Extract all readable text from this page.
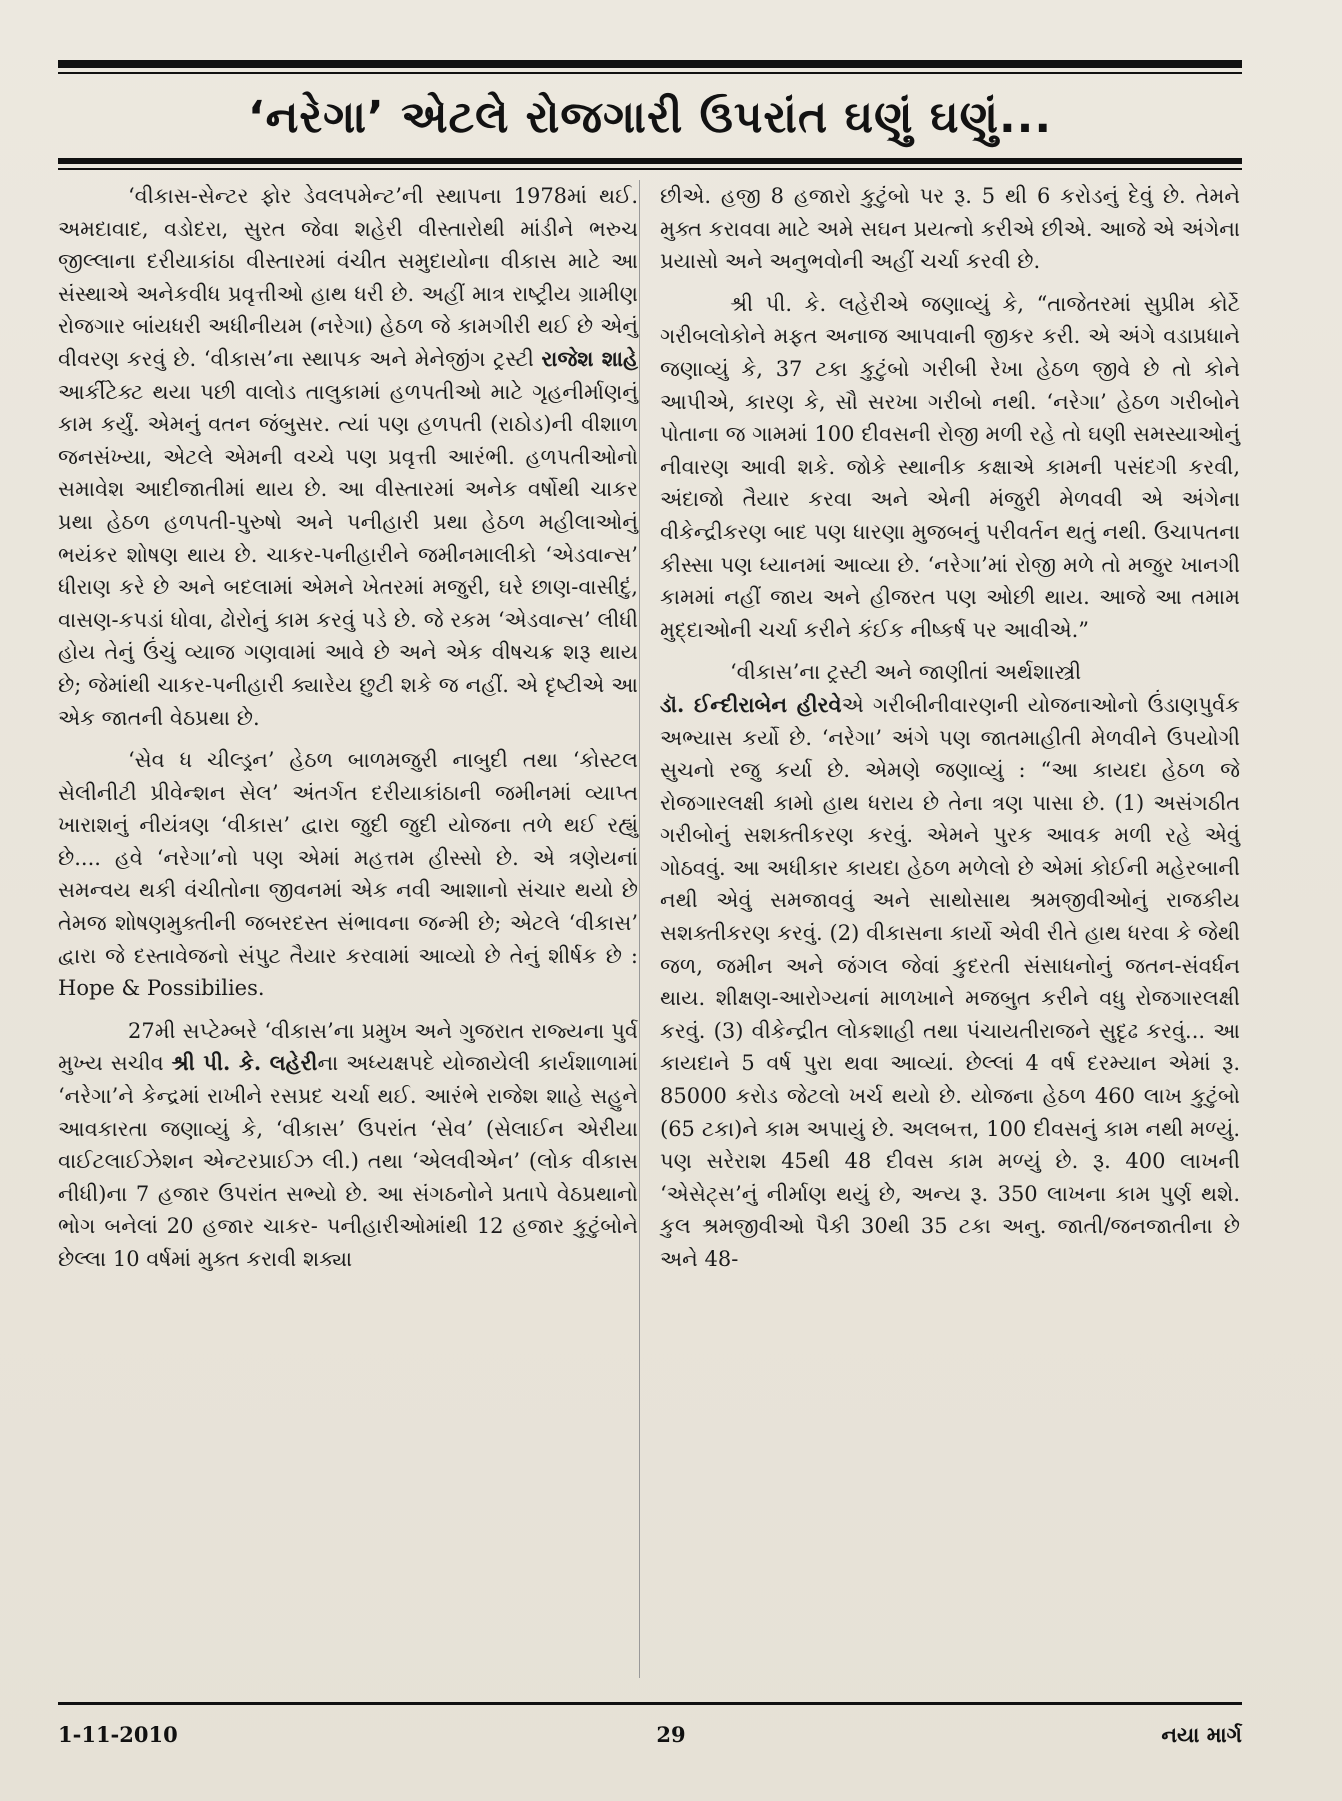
‘નરેગા’ એટલે રોજગારી ઉપરાંત ઘણું ઘણું...

‘વીકાસ-સેન્ટર ફોર ડેવલપમેન્ટ’ની સ્થાપના 1978માં થઈ. અમદાવાદ, વડોદરા, સુરત જેવા શહેરી વીસ્તારોથી માંડીને ભરુચ જીલ્લાના દરીયાકાંઠા વીસ્તારમાં વંચીત સમુદાયોના વીકાસ માટે આ સંસ્થાએ અનેકવીધ પ્રવૃત્તીઓ હાથ ધરી છે. અહીં માત્ર રાષ્ટ્રીય ગ્રામીણ રોજગાર બાંયધરી અધીનીયમ (નરેગા) હેઠળ જે કામગીરી થઈ છે એનું વીવરણ કરવું છે. ‘વીકાસ’ના સ્થાપક અને મેનેજીંગ ટ્રસ્ટી રાજેશ શાહે આર્કીટેક્ટ થયા પછી વાલોડ તાલુકામાં હળપતીઓ માટે ગૃહનીર્માણનું કામ કર્યું. એમનું વતન જંબુસર. ત્યાં પણ હળપતી (રાઠોડ)ની વીશાળ જનસંખ્યા, એટલે એમની વચ્ચે પણ પ્રવૃત્તી આરંભી. હળપતીઓનો સમાવેશ આદીજાતીમાં થાય છે. આ વીસ્તારમાં અનેક વર્ષોથી ચાકર પ્રથા હેઠળ હળપતી-પુરુષો અને પનીહારી પ્રથા હેઠળ મહીલાઓનું ભયંકર શોષણ થાય છે. ચાકર-પનીહારીને જમીનમાલીકો ‘એડવાન્સ’ ધીરાણ કરે છે અને બદલામાં એમને ખેતરમાં મજુરી, ઘરે છાણ-વાસીદું, વાસણ-કપડાં ધોવા, ઢોરોનું કામ કરવું પડે છે. જે રકમ ‘એડવાન્સ’ લીધી હોય તેનું ઉંચું વ્યાજ ગણવામાં આવે છે અને એક વીષચક્ર શરૂ થાય છે; જેમાંથી ચાકર-પનીહારી ક્યારેય છુટી શકે જ નહીં. એ દૃષ્ટીએ આ એક જાતની વેઠપ્રથા છે.

‘સેવ ધ ચીલ્ડ્રન’ હેઠળ બાળમજુરી નાબુદી તથા ‘કોસ્ટલ સેલીનીટી પ્રીવેન્શન સેલ’ અંતર્ગત દરીયાકાંઠાની જમીનમાં વ્યાપ્ત ખારાશનું નીયંત્રણ ‘વીકાસ’ દ્વારા જુદી જુદી યોજના તળે થઈ રહ્યું છે.... હવે ‘નરેગા’નો પણ એમાં મહત્તમ હીસ્સો છે. એ ત્રણેયનાં સમન્વય થકી વંચીતોના જીવનમાં એક નવી આશાનો સંચાર થયો છે તેમજ શોષણમુક્તીની જબરદસ્ત સંભાવના જન્મી છે; એટલે ‘વીકાસ’ દ્વારા જે દસ્તાવેજનો સંપુટ તૈયાર કરવામાં આવ્યો છે તેનું શીર્ષક છે : Hope & Possibilies.

27મી સપ્ટેમ્બરે ‘વીકાસ’ના પ્રમુખ અને ગુજરાત રાજ્યના પુર્વ મુખ્ય સચીવ શ્રી પી. કે. લહેરીના અધ્યક્ષપદે યોજાયેલી કાર્યશાળામાં ‘નરેગા’ને કેન્દ્રમાં રાખીને રસપ્રદ ચર્ચા થઈ. આરંભે રાજેશ શાહે સહુને આવકારતા જણાવ્યું કે, ‘વીકાસ’ ઉપરાંત ‘સેવ’ (સેલાઈન એરીયા વાઈટલાઈઝેશન એન્ટરપ્રાઈઝ લી.) તથા ‘એલવીએન’ (લોક વીકાસ નીધી)ના 7 હજાર ઉપરાંત સભ્યો છે. આ સંગઠનોને પ્રતાપે વેઠપ્રથાનો ભોગ બનેલાં 20 હજાર ચાકર- પનીહારીઓમાંથી 12 હજાર કુટુંબોને છેલ્લા 10 વર્ષમાં મુક્ત કરાવી શક્યા

છીએ. હજી 8 હજારો કુટુંબો પર રૂ. 5 થી 6 કરોડનું દેવું છે. તેમને મુક્ત કરાવવા માટે અમે સઘન પ્રયત્નો કરીએ છીએ. આજે એ અંગેના પ્રયાસો અને અનુભવોની અહીં ચર્ચા કરવી છે.

શ્રી પી. કે. લહેરીએ જણાવ્યું કે, “તાજેતરમાં સુપ્રીમ કોર્ટે ગરીબલોકોને મફત અનાજ આપવાની જીકર કરી. એ અંગે વડાપ્રધાને જણાવ્યું કે, 37 ટકા કુટુંબો ગરીબી રેખા હેઠળ જીવે છે તો કોને આપીએ, કારણ કે, સૌ સરખા ગરીબો નથી. ‘નરેગા’ હેઠળ ગરીબોને પોતાના જ ગામમાં 100 દીવસની રોજી મળી રહે તો ઘણી સમસ્યાઓનું નીવારણ આવી શકે. જોકે સ્થાનીક કક્ષાએ કામની પસંદગી કરવી, અંદાજો તૈયાર કરવા અને એની મંજુરી મેળવવી એ અંગેના વીકેન્દ્રીકરણ બાદ પણ ધારણા મુજબનું પરીવર્તન થતું નથી. ઉચાપતના કીસ્સા પણ ધ્યાનમાં આવ્યા છે. ‘નરેગા’માં રોજી મળે તો મજુર ખાનગી કામમાં નહીં જાય અને હીજરત પણ ઓછી થાય. આજે આ તમામ મુદ્દાઓની ચર્ચા કરીને કંઈક નીષ્કર્ષ પર આવીએ.”

‘વીકાસ’ના ટ્રસ્ટી અને જાણીતાં અર્થશાસ્ત્રી
ડૉ. ઈન્દીરાબેન હીરવેએ ગરીબીનીવારણની યોજનાઓનો ઉંડાણપુર્વક અભ્યાસ કર્યો છે. ‘નરેગા’ અંગે પણ જાતમાહીતી મેળવીને ઉપયોગી સુચનો રજુ કર્યા છે. એમણે જણાવ્યું : “આ કાયદા હેઠળ જે રોજગારલક્ષી કામો હાથ ધરાય છે તેના ત્રણ પાસા છે. (1) અસંગઠીત ગરીબોનું સશક્તીકરણ કરવું. એમને પુરક આવક મળી રહે એવું ગોઠવવું. આ અધીકાર કાયદા હેઠળ મળેલો છે એમાં કોઈની મહેરબાની નથી એવું સમજાવવું અને સાથોસાથ શ્રમજીવીઓનું રાજકીય સશક્તીકરણ કરવું. (2) વીકાસના કાર્યો એવી રીતે હાથ ધરવા કે જેથી જળ, જમીન અને જંગલ જેવાં કુદરતી સંસાધનોનું જતન-સંવર્ધન થાય. શીક્ષણ-આરોગ્યનાં માળખાને મજબુત કરીને વધુ રોજગારલક્ષી કરવું. (3) વીકેન્દ્રીત લોકશાહી તથા પંચાયતીરાજને સુદૃઢ કરવું... આ કાયદાને 5 વર્ષ પુરા થવા આવ્યાં. છેલ્લાં 4 વર્ષ દરમ્યાન એમાં રૂ. 85000 કરોડ જેટલો ખર્ચ થયો છે. યોજના હેઠળ 460 લાખ કુટુંબો (65 ટકા)ને કામ અપાયું છે. અલબત્ત, 100 દીવસનું કામ નથી મળ્યું. પણ સરેરાશ 45થી 48 દીવસ કામ મળ્યું છે. રૂ. 400 લાખની ‘એસેટ્સ’નું નીર્માણ થયું છે, અન્ય રૂ. 350 લાખના કામ પુર્ણ થશે. કુલ શ્રમજીવીઓ પૈકી 30થી 35 ટકા અનુ. જાતી/જનજાતીના છે અને 48-

1-11-2010	29	નયા માર્ગ
